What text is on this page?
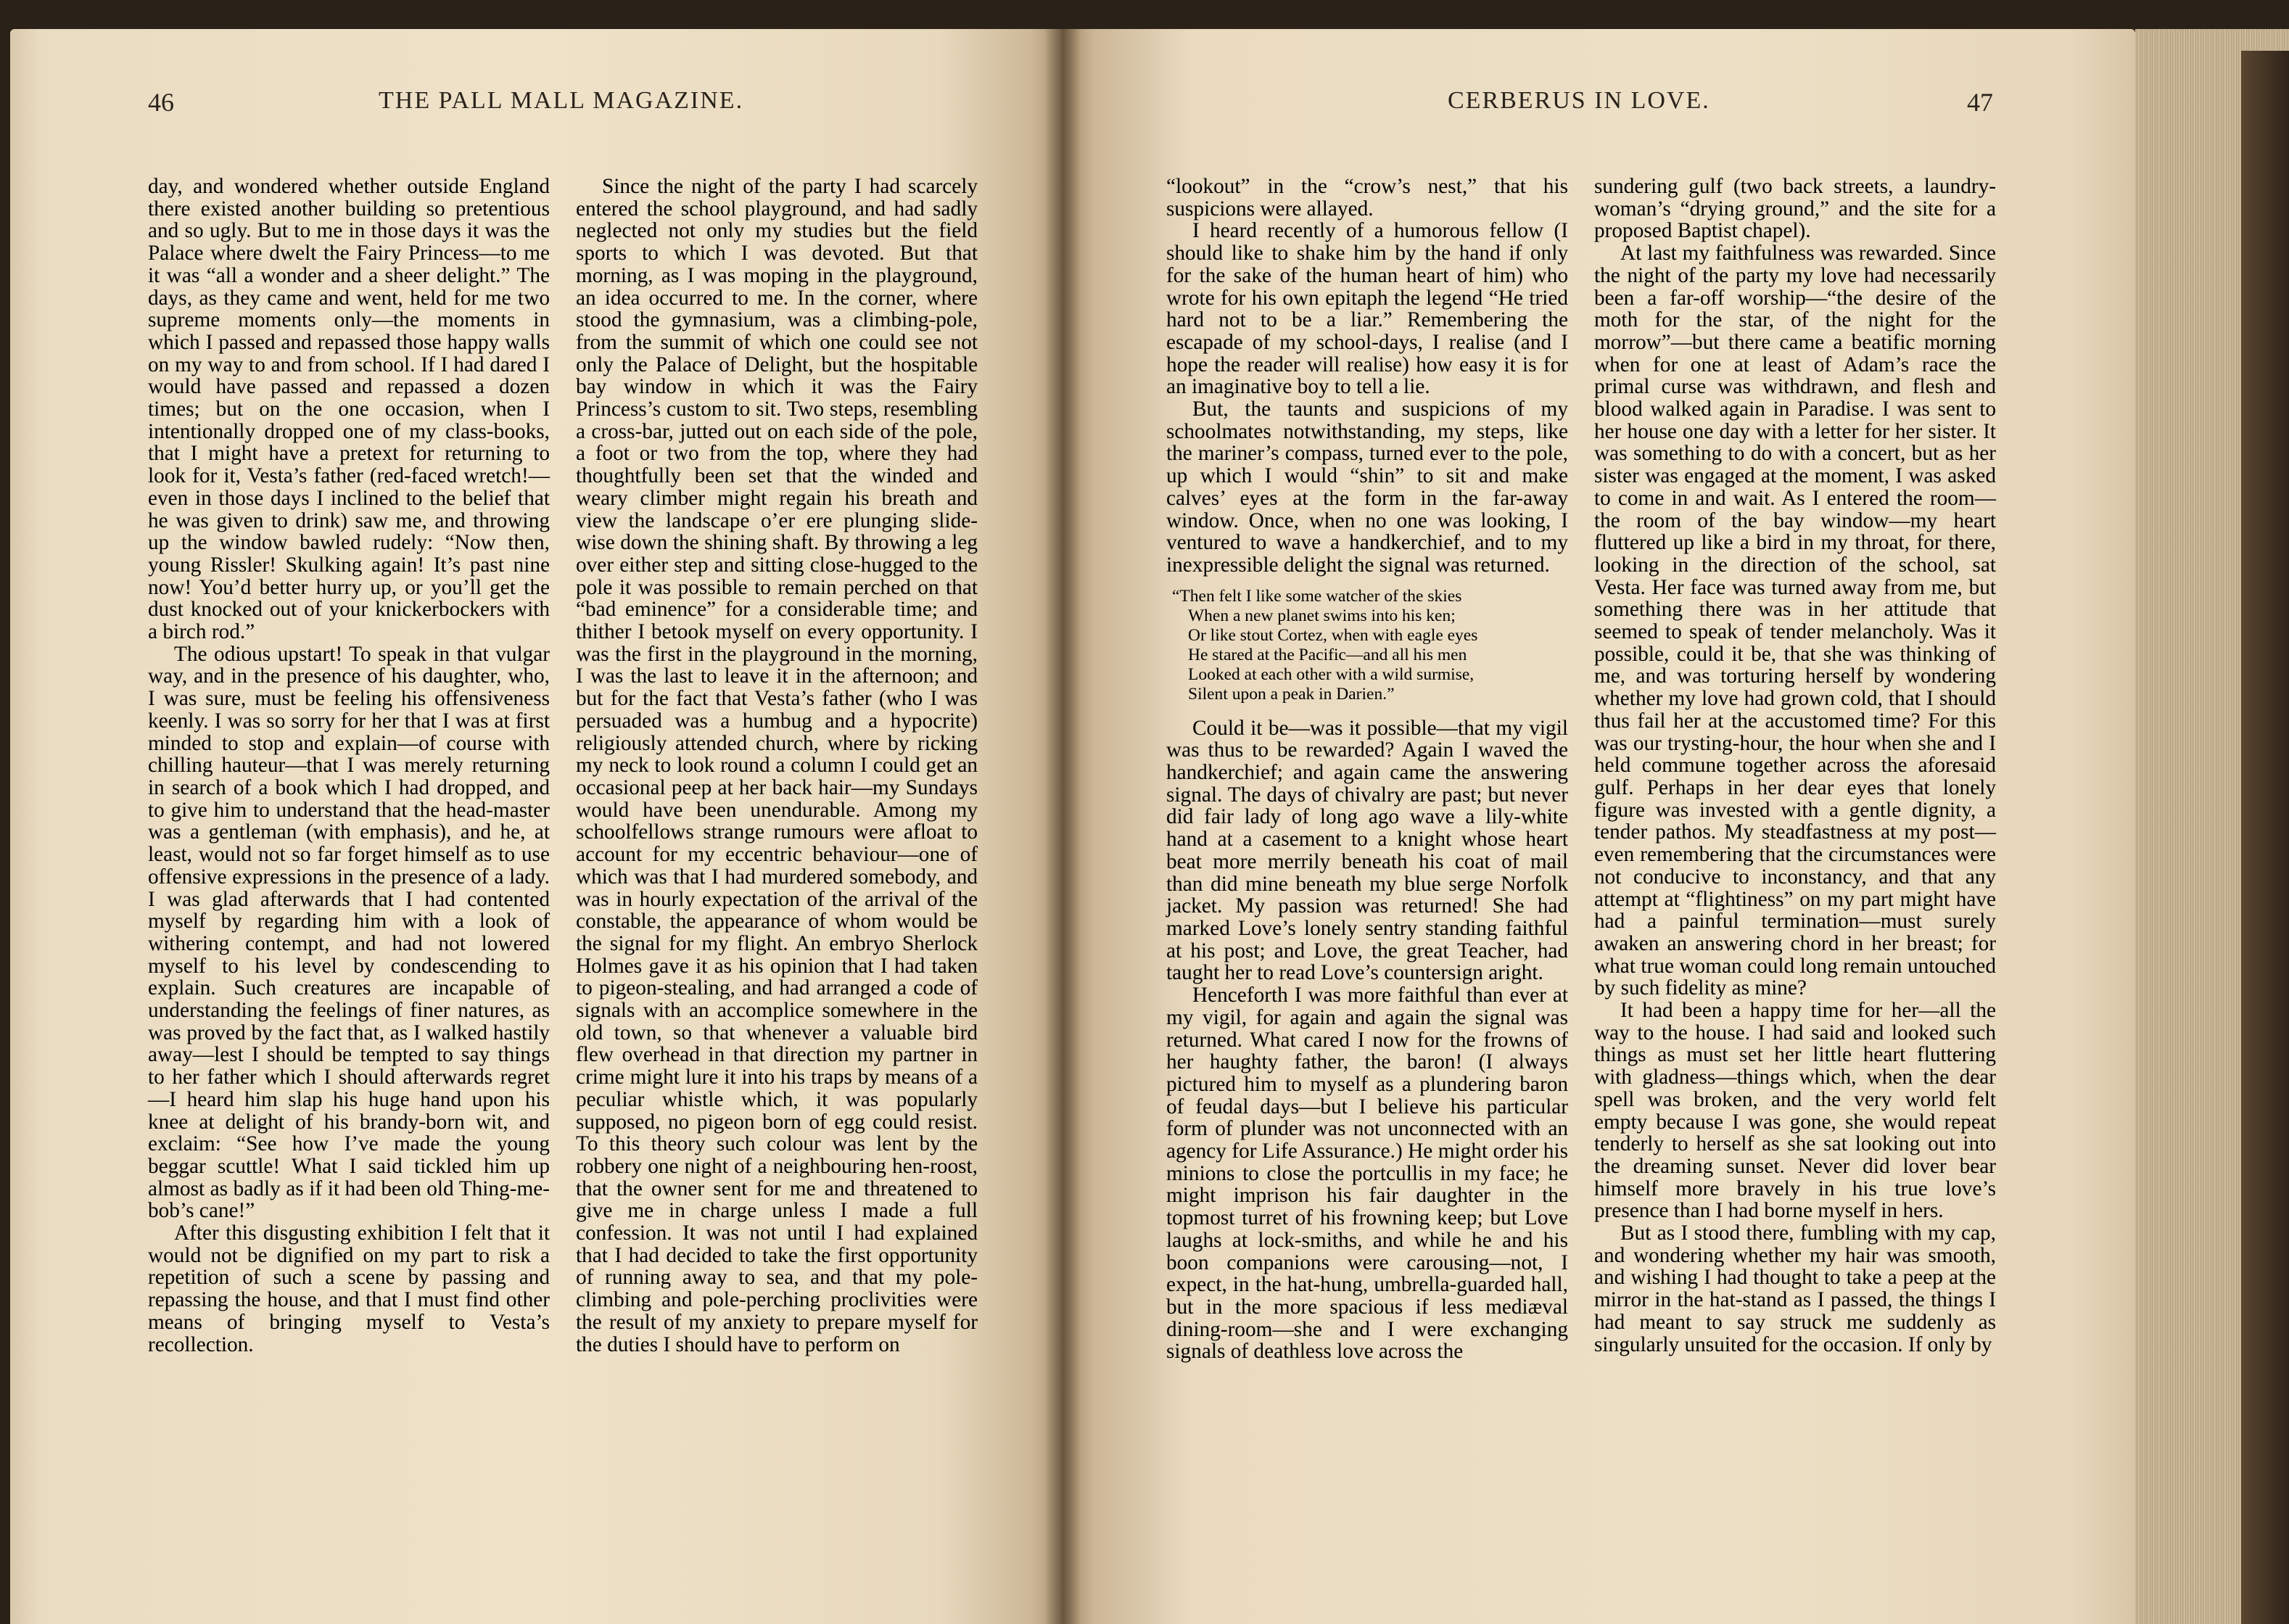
46	THE PALL MALL MAGAZINE.	CERBERUS IN LOVE.	47

day, and wondered whether outside England there existed another building so pretentious and so ugly. But to me in those days it was the Palace where dwelt the Fairy Princess—to me it was “all a wonder and a sheer delight.” The days, as they came and went, held for me two supreme moments only—the moments in which I passed and repassed those happy walls on my way to and from school. If I had dared I would have passed and repassed a dozen times; but on the one occasion, when I intentionally dropped one of my class-books, that I might have a pretext for returning to look for it, Vesta’s father (red-faced wretch!—even in those days I inclined to the belief that he was given to drink) saw me, and throwing up the window bawled rudely: “Now then, young Rissler! Skulking again! It’s past nine now! You’d better hurry up, or you’ll get the dust knocked out of your knickerbockers with a birch rod.”

The odious upstart! To speak in that vulgar way, and in the presence of his daughter, who, I was sure, must be feeling his offensiveness keenly. I was so sorry for her that I was at first minded to stop and explain—of course with chilling hauteur—that I was merely returning in search of a book which I had dropped, and to give him to understand that the head-master was a gentleman (with emphasis), and he, at least, would not so far forget himself as to use offensive expressions in the presence of a lady. I was glad afterwards that I had contented myself by regarding him with a look of withering contempt, and had not lowered myself to his level by condescending to explain. Such creatures are incapable of understanding the feelings of finer natures, as was proved by the fact that, as I walked hastily away—lest I should be tempted to say things to her father which I should afterwards regret—I heard him slap his huge hand upon his knee at delight of his brandy-born wit, and exclaim: “See how I’ve made the young beggar scuttle! What I said tickled him up almost as badly as if it had been old Thing-me-bob’s cane!”

After this disgusting exhibition I felt that it would not be dignified on my part to risk a repetition of such a scene by passing and repassing the house, and that I must find other means of bringing myself to Vesta’s recollection.

Since the night of the party I had scarcely entered the school playground, and had sadly neglected not only my studies but the field sports to which I was devoted. But that morning, as I was moping in the playground, an idea occurred to me. In the corner, where stood the gymnasium, was a climbing-pole, from the summit of which one could see not only the Palace of Delight, but the hospitable bay window in which it was the Fairy Princess’s custom to sit. Two steps, resembling a cross-bar, jutted out on each side of the pole, a foot or two from the top, where they had thoughtfully been set that the winded and weary climber might regain his breath and view the landscape o’er ere plunging slide-wise down the shining shaft. By throwing a leg over either step and sitting close-hugged to the pole it was possible to remain perched on that “bad eminence” for a considerable time; and thither I betook myself on every opportunity. I was the first in the playground in the morning, I was the last to leave it in the afternoon; and but for the fact that Vesta’s father (who I was persuaded was a humbug and a hypocrite) religiously attended church, where by ricking my neck to look round a column I could get an occasional peep at her back hair—my Sundays would have been unendurable. Among my schoolfellows strange rumours were afloat to account for my eccentric behaviour—one of which was that I had murdered somebody, and was in hourly expectation of the arrival of the constable, the appearance of whom would be the signal for my flight. An embryo Sherlock Holmes gave it as his opinion that I had taken to pigeon-stealing, and had arranged a code of signals with an accomplice somewhere in the old town, so that whenever a valuable bird flew overhead in that direction my partner in crime might lure it into his traps by means of a peculiar whistle which, it was popularly supposed, no pigeon born of egg could resist. To this theory such colour was lent by the robbery one night of a neighbouring hen-roost, that the owner sent for me and threatened to give me in charge unless I made a full confession. It was not until I had explained that I had decided to take the first opportunity of running away to sea, and that my pole-climbing and pole-perching proclivities were the result of my anxiety to prepare myself for the duties I should have to perform on

“lookout” in the “crow’s nest,” that his suspicions were allayed.

I heard recently of a humorous fellow (I should like to shake him by the hand if only for the sake of the human heart of him) who wrote for his own epitaph the legend “He tried hard not to be a liar.” Remembering the escapade of my school-days, I realise (and I hope the reader will realise) how easy it is for an imaginative boy to tell a lie.

But, the taunts and suspicions of my schoolmates notwithstanding, my steps, like the mariner’s compass, turned ever to the pole, up which I would “shin” to sit and make calves’ eyes at the form in the far-away window. Once, when no one was looking, I ventured to wave a handkerchief, and to my inexpressible delight the signal was returned.

“Then felt I like some watcher of the skies
When a new planet swims into his ken;
Or like stout Cortez, when with eagle eyes
He stared at the Pacific—and all his men
Looked at each other with a wild surmise,
Silent upon a peak in Darien.”

Could it be—was it possible—that my vigil was thus to be rewarded? Again I waved the handkerchief; and again came the answering signal. The days of chivalry are past; but never did fair lady of long ago wave a lily-white hand at a casement to a knight whose heart beat more merrily beneath his coat of mail than did mine beneath my blue serge Norfolk jacket. My passion was returned! She had marked Love’s lonely sentry standing faithful at his post; and Love, the great Teacher, had taught her to read Love’s countersign aright.

Henceforth I was more faithful than ever at my vigil, for again and again the signal was returned. What cared I now for the frowns of her haughty father, the baron! (I always pictured him to myself as a plundering baron of feudal days—but I believe his particular form of plunder was not unconnected with an agency for Life Assurance.) He might order his minions to close the portcullis in my face; he might imprison his fair daughter in the topmost turret of his frowning keep; but Love laughs at lock-smiths, and while he and his boon companions were carousing—not, I expect, in the hat-hung, umbrella-guarded hall, but in the more spacious if less mediæval dining-room—she and I were exchanging signals of deathless love across the

sundering gulf (two back streets, a laundry-woman’s “drying ground,” and the site for a proposed Baptist chapel).

At last my faithfulness was rewarded. Since the night of the party my love had necessarily been a far-off worship—“the desire of the moth for the star, of the night for the morrow”—but there came a beatific morning when for one at least of Adam’s race the primal curse was withdrawn, and flesh and blood walked again in Paradise. I was sent to her house one day with a letter for her sister. It was something to do with a concert, but as her sister was engaged at the moment, I was asked to come in and wait. As I entered the room—the room of the bay window—my heart fluttered up like a bird in my throat, for there, looking in the direction of the school, sat Vesta. Her face was turned away from me, but something there was in her attitude that seemed to speak of tender melancholy. Was it possible, could it be, that she was thinking of me, and was torturing herself by wondering whether my love had grown cold, that I should thus fail her at the accustomed time? For this was our trysting-hour, the hour when she and I held commune together across the aforesaid gulf. Perhaps in her dear eyes that lonely figure was invested with a gentle dignity, a tender pathos. My steadfastness at my post—even remembering that the circumstances were not conducive to inconstancy, and that any attempt at “flightiness” on my part might have had a painful termination—must surely awaken an answering chord in her breast; for what true woman could long remain untouched by such fidelity as mine?

It had been a happy time for her—all the way to the house. I had said and looked such things as must set her little heart fluttering with gladness—things which, when the dear spell was broken, and the very world felt empty because I was gone, she would repeat tenderly to herself as she sat looking out into the dreaming sunset. Never did lover bear himself more bravely in his true love’s presence than I had borne myself in hers.

But as I stood there, fumbling with my cap, and wondering whether my hair was smooth, and wishing I had thought to take a peep at the mirror in the hat-stand as I passed, the things I had meant to say struck me suddenly as singularly unsuited for the occasion. If only by
